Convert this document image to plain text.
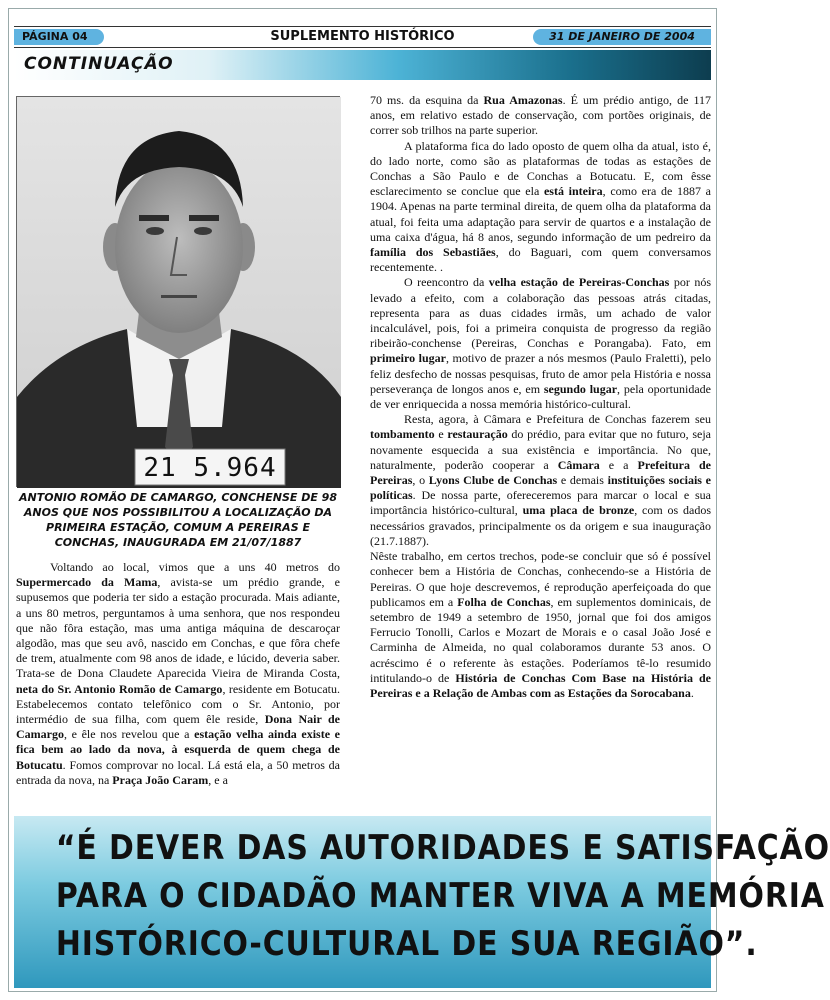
PÁGINA 04	SUPLEMENTO HISTÓRICO	31 DE JANEIRO DE 2004
CONTINUAÇÃO
21 5.964
ANTONIO ROMÃO DE CAMARGO, CONCHENSE DE 98 ANOS QUE NOS POSSIBILITOU A LOCALIZAÇÃO DA PRIMEIRA ESTAÇÃO, COMUM A PEREIRAS E CONCHAS, INAUGURADA EM 21/07/1887

Voltando ao local, vimos que a uns 40 metros do Supermercado da Mama, avista-se um prédio grande, e supusemos que poderia ter sido a estação procurada. Mais adiante, a uns 80 metros, perguntamos à uma senhora, que nos respondeu que não fôra estação, mas uma antiga máquina de descaroçar algodão, mas que seu avô, nascido em Conchas, e que fôra chefe de trem, atualmente com 98 anos de idade, e lúcido, deveria saber. Trata-se de Dona Claudete Aparecida Vieira de Miranda Costa, neta do Sr. Antonio Romão de Camargo, residente em Botucatu. Estabelecemos contato telefônico com o Sr. Antonio, por intermédio de sua filha, com quem êle reside, Dona Nair de Camargo, e êle nos revelou que a estação velha ainda existe e fica bem ao lado da nova, à esquerda de quem chega de Botucatu. Fomos comprovar no local. Lá está ela, a 50 metros da entrada da nova, na Praça João Caram, e a

70 ms. da esquina da Rua Amazonas. É um prédio antigo, de 117 anos, em relativo estado de conservação, com portões originais, de correr sob trilhos na parte superior.

A plataforma fica do lado oposto de quem olha da atual, isto é, do lado norte, como são as plataformas de todas as estações de Conchas a São Paulo e de Conchas a Botucatu. E, com êsse esclarecimento se conclue que ela está inteira, como era de 1887 a 1904. Apenas na parte terminal direita, de quem olha da plataforma da atual, foi feita uma adaptação para servir de quartos e a instalação de uma caixa d'água, há 8 anos, segundo informação de um pedreiro da família dos Sebastiães, do Baguari, com quem conversamos recentemente. .

O reencontro da velha estação de Pereiras-Conchas por nós levado a efeito, com a colaboração das pessoas atrás citadas, representa para as duas cidades irmãs, um achado de valor incalculável, pois, foi a primeira conquista de progresso da região ribeirão-conchense (Pereiras, Conchas e Porangaba). Fato, em primeiro lugar, motivo de prazer a nós mesmos (Paulo Fraletti), pelo feliz desfecho de nossas pesquisas, fruto de amor pela História e nossa perseverança de longos anos e, em segundo lugar, pela oportunidade de ver enriquecida a nossa memória histórico-cultural.

Resta, agora, à Câmara e Prefeitura de Conchas fazerem seu tombamento e restauração do prédio, para evitar que no futuro, seja novamente esquecida a sua existência e importância. No que, naturalmente, poderão cooperar a Câmara e a Prefeitura de Pereiras, o Lyons Clube de Conchas e demais instituições sociais e políticas. De nossa parte, ofereceremos para marcar o local e sua importância histórico-cultural, uma placa de bronze, com os dados necessários gravados, principalmente os da origem e sua inauguração (21.7.1887).

Nêste trabalho, em certos trechos, pode-se concluir que só é possível conhecer bem a História de Conchas, conhecendo-se a História de Pereiras. O que hoje descrevemos, é reprodução aperfeiçoada do que publicamos em a Folha de Conchas, em suplementos dominicais, de setembro de 1949 a setembro de 1950, jornal que foi dos amigos Ferrucio Tonolli, Carlos e Mozart de Morais e o casal João José e Carminha de Almeida, no qual colaboramos durante 53 anos. O acréscimo é o referente às estações. Poderíamos tê-lo resumido intitulando-o de História de Conchas Com Base na História de Pereiras e a Relação de Ambas com as Estações da Sorocabana.

“É DEVER DAS AUTORIDADES E SATISFAÇÃO
PARA O CIDADÃO MANTER VIVA A MEMÓRIA
HISTÓRICO-CULTURAL DE SUA REGIÃO”.
